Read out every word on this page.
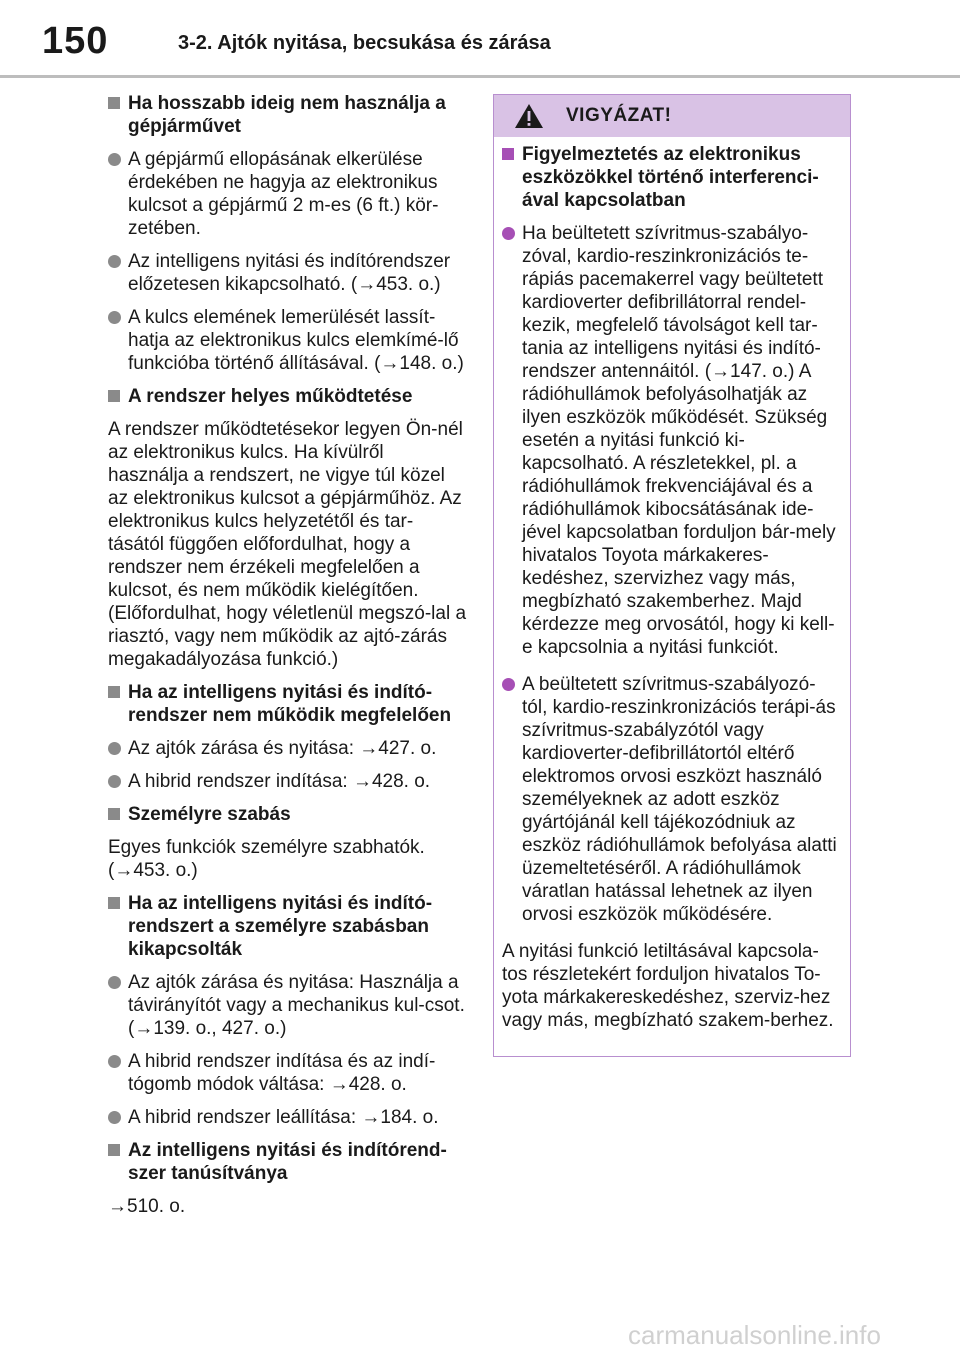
150	3-2. Ajtók nyitása, becsukása és zárása
Ha hosszabb ideig nem használja a gépjárművet
A gépjármű ellopásának elkerülése érdekében ne hagyja az elektronikus kulcsot a gépjármű 2 m-es (6 ft.) kör-zetében.
Az intelligens nyitási és indítórendszer előzetesen kikapcsolható. (→453. o.)
A kulcs elemének lemerülését lassít-hatja az elektronikus kulcs elemkímé-lő funkcióba történő állításával. (→148. o.)
A rendszer helyes működtetése
A rendszer működtetésekor legyen Ön-nél az elektronikus kulcs. Ha kívülről használja a rendszert, ne vigye túl közel az elektronikus kulcsot a gépjárműhöz. Az elektronikus kulcs helyzetétől és tar-tásától függően előfordulhat, hogy a rendszer nem érzékeli megfelelően a kulcsot, és nem működik kielégítően. (Előfordulhat, hogy véletlenül megszó-lal a riasztó, vagy nem működik az ajtó-zárás megakadályozása funkció.)
Ha az intelligens nyitási és indító-rendszer nem működik megfelelően
Az ajtók zárása és nyitása: →427. o.
A hibrid rendszer indítása: →428. o.
Személyre szabás
Egyes funkciók személyre szabhatók. (→453. o.)
Ha az intelligens nyitási és indító-rendszert a személyre szabásban kikapcsolták
Az ajtók zárása és nyitása: Használja a távirányítót vagy a mechanikus kul-csot. (→139. o., 427. o.)
A hibrid rendszer indítása és az indí-tógomb módok váltása: →428. o.
A hibrid rendszer leállítása: →184. o.
Az intelligens nyitási és indítórend-szer tanúsítványa
→510. o.
VIGYÁZAT!
Figyelmeztetés az elektronikus eszközökkel történő interferenci-ával kapcsolatban
Ha beültetett szívritmus-szabályo-zóval, kardio-reszinkronizációs te-rápiás pacemakerrel vagy beültetett kardioverter defibrillátorral rendel-kezik, megfelelő távolságot kell tar-tania az intelligens nyitási és indító-rendszer antennáitól. (→147. o.) A rádióhullámok befolyásolhatják az ilyen eszközök működését. Szükség esetén a nyitási funkció ki-kapcsolható. A részletekkel, pl. a rádióhullámok frekvenciájával és a rádióhullámok kibocsátásának ide-jével kapcsolatban forduljon bár-mely hivatalos Toyota márkakeres-kedéshez, szervizhez vagy más, megbízható szakemberhez. Majd kérdezze meg orvosától, hogy ki kell-e kapcsolnia a nyitási funkciót.
A beültetett szívritmus-szabályozó-tól, kardio-reszinkronizációs terápi-ás szívritmus-szabályzótól vagy kardioverter-defibrillátortól eltérő elektromos orvosi eszközt használó személyeknek az adott eszköz gyártójánál kell tájékozódniuk az eszköz rádióhullámok befolyása alatti üzemeltetéséről. A rádióhullámok váratlan hatással lehetnek az ilyen orvosi eszközök működésére.
A nyitási funkció letiltásával kapcsola-tos részletekért forduljon hivatalos To-yota márkakereskedéshez, szerviz-hez vagy más, megbízható szakem-berhez.
carmanualsonline.info
